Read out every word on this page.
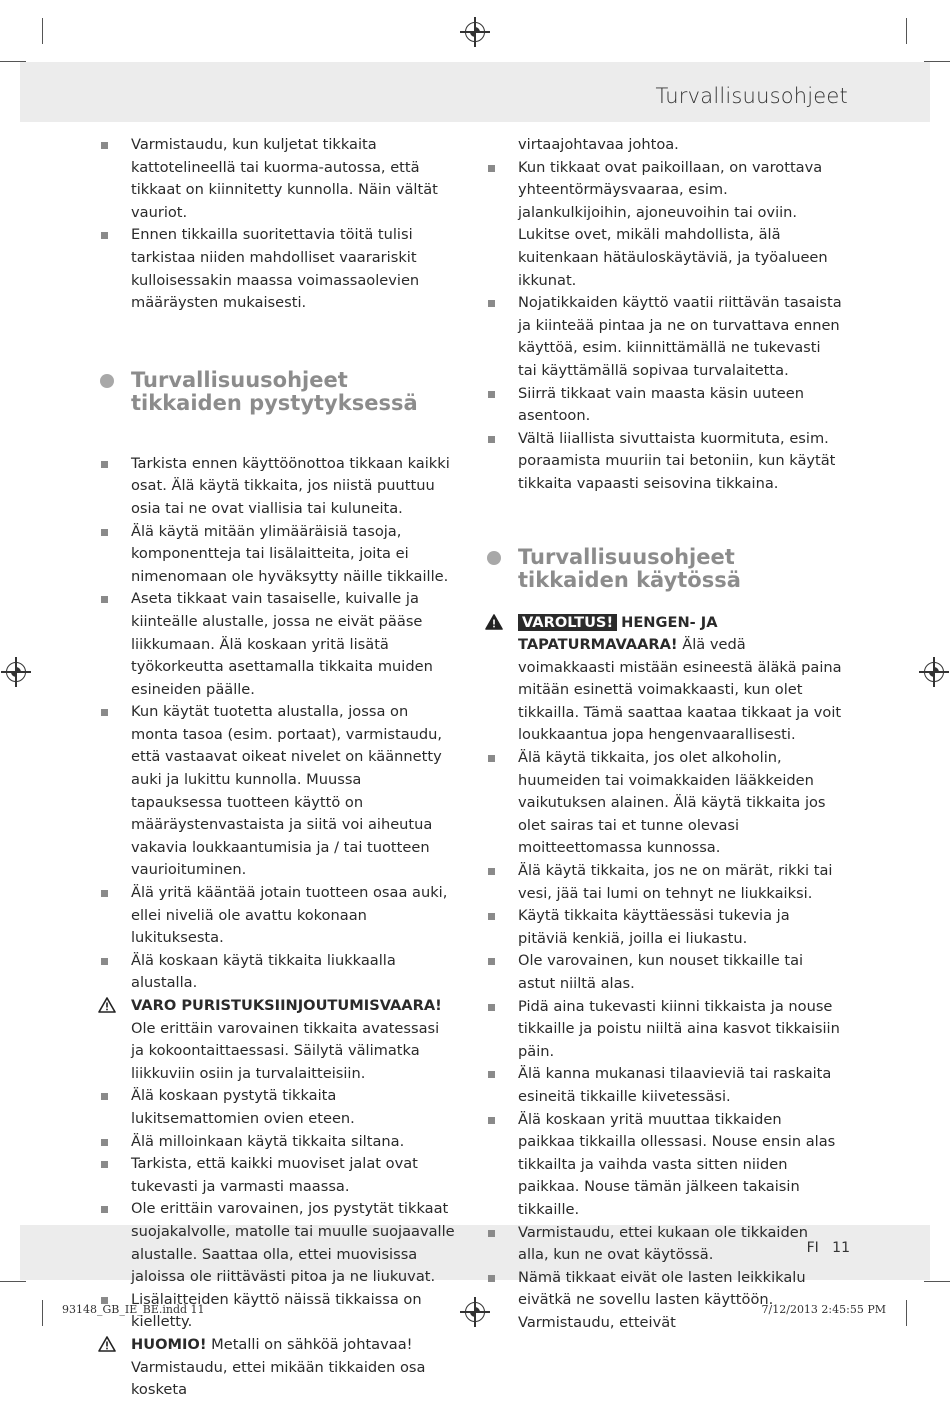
Turvallisuusohjeet

Varmistaudu, kun kuljetat tikkaita kattotelineellä tai kuorma-autossa, että tikkaat on kiinnitetty kunnolla. Näin vältät vauriot.

Ennen tikkailla suoritettavia töitä tulisi tarkistaa niiden mahdolliset vaarariskit kulloisessakin maassa voimassaolevien määräysten mukaisesti.

Turvallisuusohjeet tikkaiden pystytyksessä

Tarkista ennen käyttöönottoa tikkaan kaikki osat. Älä käytä tikkaita, jos niistä puuttuu osia tai ne ovat viallisia tai kuluneita.

Älä käytä mitään ylimääräisiä tasoja, komponentteja tai lisälaitteita, joita ei nimenomaan ole hyväksytty näille tikkaille.

Aseta tikkaat vain tasaiselle, kuivalle ja kiinteälle alustalle, jossa ne eivät pääse liikkumaan. Älä koskaan yritä lisätä työkorkeutta asettamalla tikkaita muiden esineiden päälle.

Kun käytät tuotetta alustalla, jossa on monta tasoa (esim. portaat), varmistaudu, että vastaavat oikeat nivelet on käännetty auki ja lukittu kunnolla. Muussa tapauksessa tuotteen käyttö on määräystenvastaista ja siitä voi aiheutua vakavia loukkaantumisia ja / tai tuotteen vaurioituminen.

Älä yritä kääntää jotain tuotteen osaa auki, ellei niveliä ole avattu kokonaan lukituksesta.

Älä koskaan käytä tikkaita liukkaalla alustalla.

VARO PURISTUKSIINJOUTUMISVAARA! Ole erittäin varovainen tikkaita avatessasi ja kokoontaittaessasi. Säilytä välimatka liikkuviin osiin ja turvalaitteisiin.

Älä koskaan pystytä tikkaita lukitsemattomien ovien eteen.

Älä milloinkaan käytä tikkaita siltana.

Tarkista, että kaikki muoviset jalat ovat tukevasti ja varmasti maassa.

Ole erittäin varovainen, jos pystytät tikkaat suojakalvolle, matolle tai muulle suojaavalle alustalle. Saattaa olla, ettei muovisissa jaloissa ole riittävästi pitoa ja ne liukuvat.

Lisälaitteiden käyttö näissä tikkaissa on kielletty.

HUOMIO! Metalli on sähköä johtavaa! Varmistaudu, ettei mikään tikkaiden osa kosketa

virtaajohtavaa johtoa.

Kun tikkaat ovat paikoillaan, on varottava yhteentörmäysvaaraa, esim. jalankulkijoihin, ajoneuvoihin tai oviin. Lukitse ovet, mikäli mahdollista, älä kuitenkaan hätäuloskäytäviä, ja työalueen ikkunat.

Nojatikkaiden käyttö vaatii riittävän tasaista ja kiinteää pintaa ja ne on turvattava ennen käyttöä, esim. kiinnittämällä ne tukevasti tai käyttämällä sopivaa turvalaitetta.

Siirrä tikkaat vain maasta käsin uuteen asentoon.

Vältä liiallista sivuttaista kuormituta, esim. poraamista muuriin tai betoniin, kun käytät tikkaita vapaasti seisovina tikkaina.

Turvallisuusohjeet tikkaiden käytössä

VAROLTUS! HENGEN- JA TAPATURMAVAARA! Älä vedä voimakkaasti mistään esineestä äläkä paina mitään esinettä voimakkaasti, kun olet tikkailla. Tämä saattaa kaataa tikkaat ja voit loukkaantua jopa hengenvaarallisesti.

Älä käytä tikkaita, jos olet alkoholin, huumeiden tai voimakkaiden lääkkeiden vaikutuksen alainen. Älä käytä tikkaita jos olet sairas tai et tunne olevasi moitteettomassa kunnossa.

Älä käytä tikkaita, jos ne on märät, rikki tai vesi, jää tai lumi on tehnyt ne liukkaiksi.

Käytä tikkaita käyttäessäsi tukevia ja pitäviä kenkiä, joilla ei liukastu.

Ole varovainen, kun nouset tikkaille tai astut niiltä alas.

Pidä aina tukevasti kiinni tikkaista ja nouse tikkaille ja poistu niiltä aina kasvot tikkaisiin päin.

Älä kanna mukanasi tilaavieviä tai raskaita esineitä tikkaille kiivetessäsi.

Älä koskaan yritä muuttaa tikkaiden paikkaa tikkailla ollessasi. Nouse ensin alas tikkailta ja vaihda vasta sitten niiden paikkaa. Nouse tämän jälkeen takaisin tikkaille.

Varmistaudu, ettei kukaan ole tikkaiden alla, kun ne ovat käytössä.

Nämä tikkaat eivät ole lasten leikkikalu eivätkä ne sovellu lasten käyttöön. Varmistaudu, etteivät

FI 11
93148_GB_IE_BE.indd 11	7/12/2013 2:45:55 PM
